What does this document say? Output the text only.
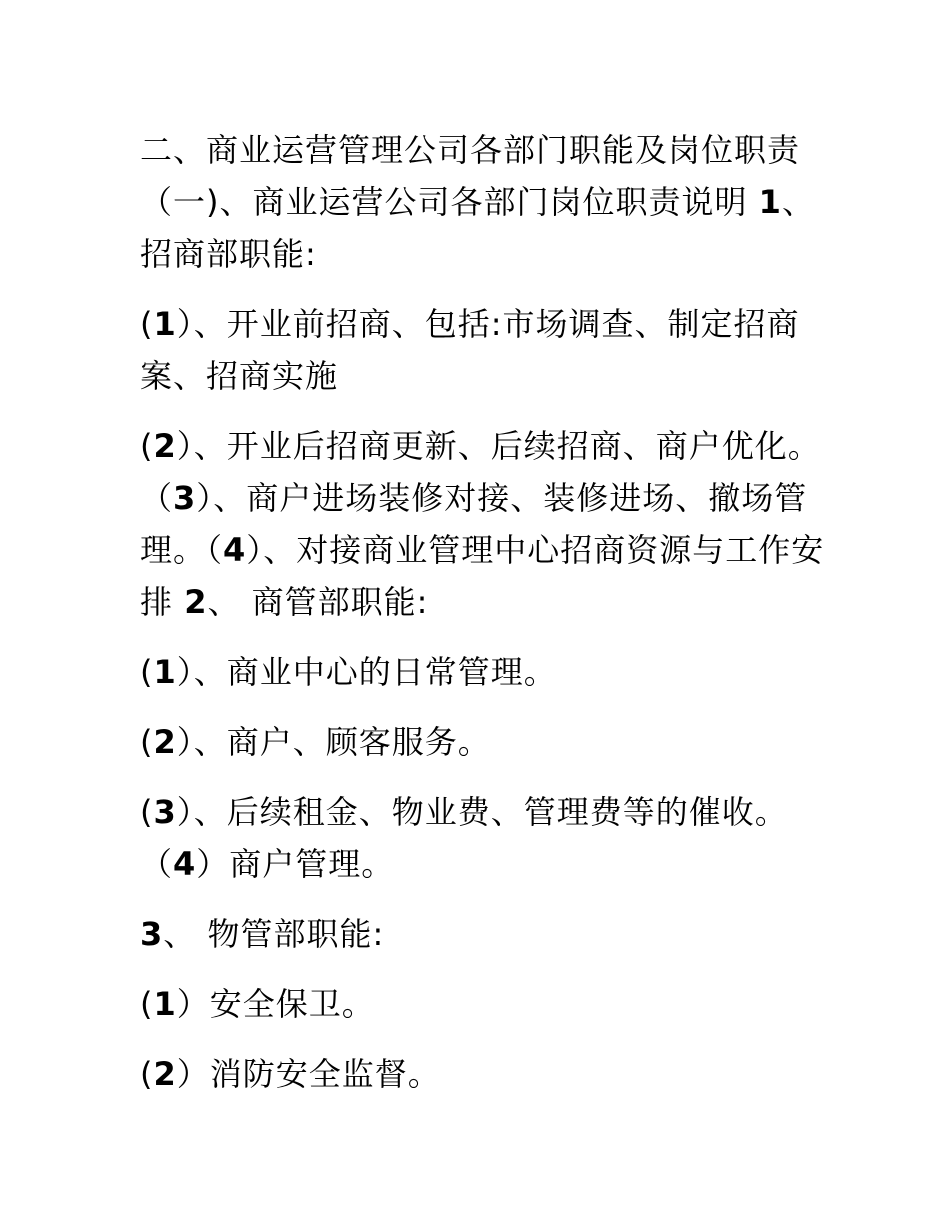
二、商业运营管理公司各部门职能及岗位职责（一)、商业运营公司各部门岗位职责说明 1、 招商部职能:

(1）、开业前招商、包括:市场调查、制定招商案、招商实施

(2）、开业后招商更新、后续招商、商户优化。（3）、商户进场装修对接、装修进场、撤场管理。（4）、对接商业管理中心招商资源与工作安排 2、 商管部职能:

(1）、商业中心的日常管理。

(2）、商户、顾客服务。

(3）、后续租金、物业费、管理费等的催收。（4）商户管理。

3、 物管部职能:

(1）安全保卫。

(2）消防安全监督。
